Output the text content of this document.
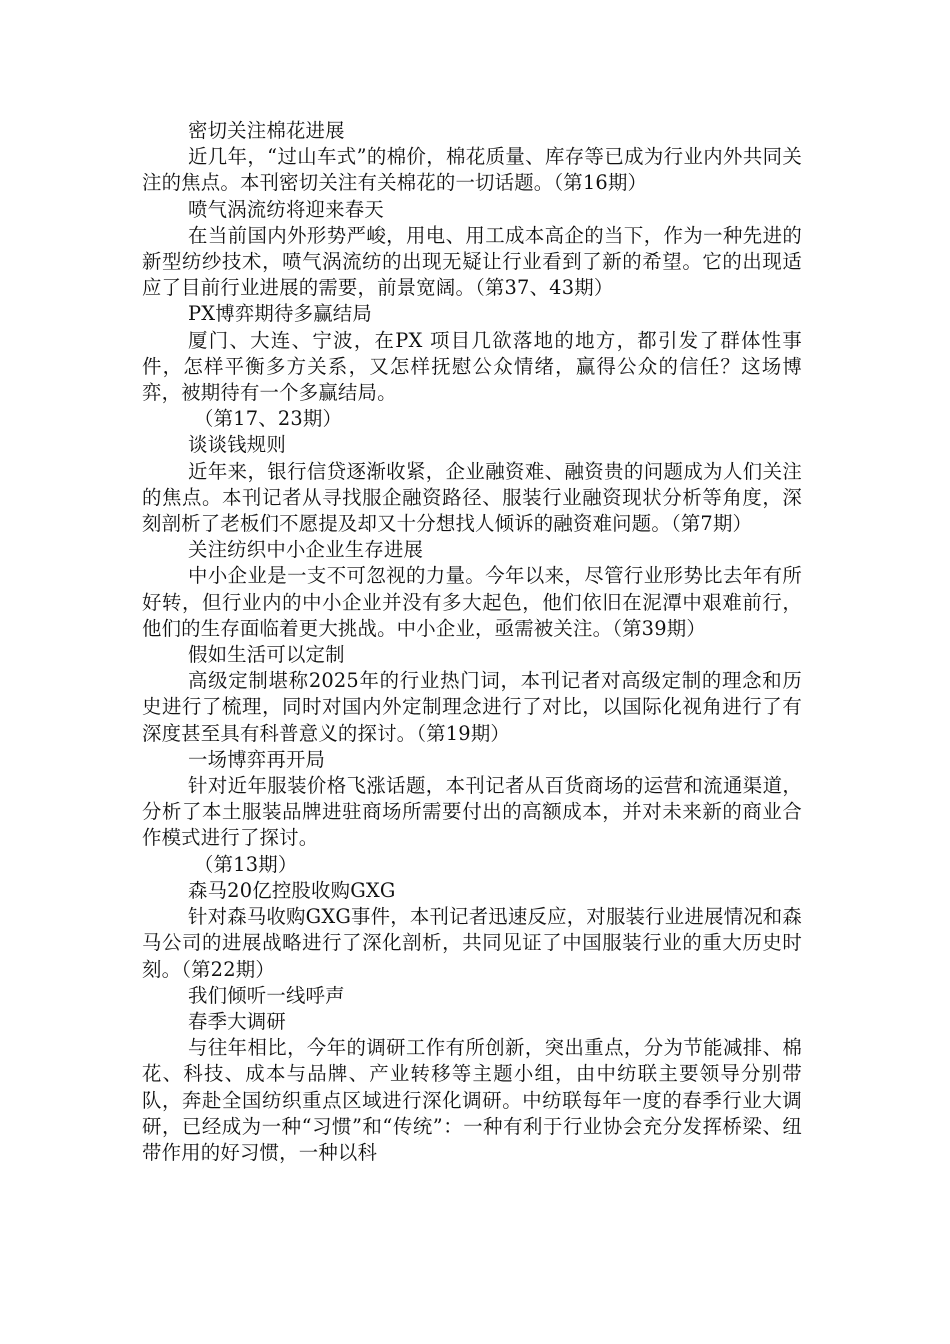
密切关注棉花进展
近几年，“过山车式”的棉价，棉花质量、库存等已成为行业内外共同关注的焦点。本刊密切关注有关棉花的一切话题。（第16期）
喷气涡流纺将迎来春天
在当前国内外形势严峻，用电、用工成本高企的当下，作为一种先进的新型纺纱技术，喷气涡流纺的出现无疑让行业看到了新的希望。它的出现适应了目前行业进展的需要，前景宽阔。（第37、43期）
PX博弈期待多赢结局
厦门、大连、宁波，在PX 项目几欲落地的地方，都引发了群体性事件，怎样平衡多方关系，又怎样抚慰公众情绪，赢得公众的信任？这场博弈，被期待有一个多赢结局。
（第17、23期）
谈谈钱规则
近年来，银行信贷逐渐收紧，企业融资难、融资贵的问题成为人们关注的焦点。本刊记者从寻找服企融资路径、服装行业融资现状分析等角度，深刻剖析了老板们不愿提及却又十分想找人倾诉的融资难问题。（第7期）
关注纺织中小企业生存进展
中小企业是一支不可忽视的力量。今年以来，尽管行业形势比去年有所好转，但行业内的中小企业并没有多大起色，他们依旧在泥潭中艰难前行，他们的生存面临着更大挑战。中小企业，亟需被关注。（第39期）
假如生活可以定制
高级定制堪称2025年的行业热门词，本刊记者对高级定制的理念和历史进行了梳理，同时对国内外定制理念进行了对比，以国际化视角进行了有深度甚至具有科普意义的探讨。（第19期）
一场博弈再开局
针对近年服装价格飞涨话题，本刊记者从百货商场的运营和流通渠道，分析了本土服装品牌进驻商场所需要付出的高额成本，并对未来新的商业合作模式进行了探讨。
（第13期）
森马20亿控股收购GXG
针对森马收购GXG事件，本刊记者迅速反应，对服装行业进展情况和森马公司的进展战略进行了深化剖析，共同见证了中国服装行业的重大历史时刻。（第22期）
我们倾听一线呼声
春季大调研
与往年相比，今年的调研工作有所创新，突出重点，分为节能减排、棉花、科技、成本与品牌、产业转移等主题小组，由中纺联主要领导分别带队，奔赴全国纺织重点区域进行深化调研。中纺联每年一度的春季行业大调研，已经成为一种“习惯”和“传统”：一种有利于行业协会充分发挥桥梁、纽带作用的好习惯，一种以科
